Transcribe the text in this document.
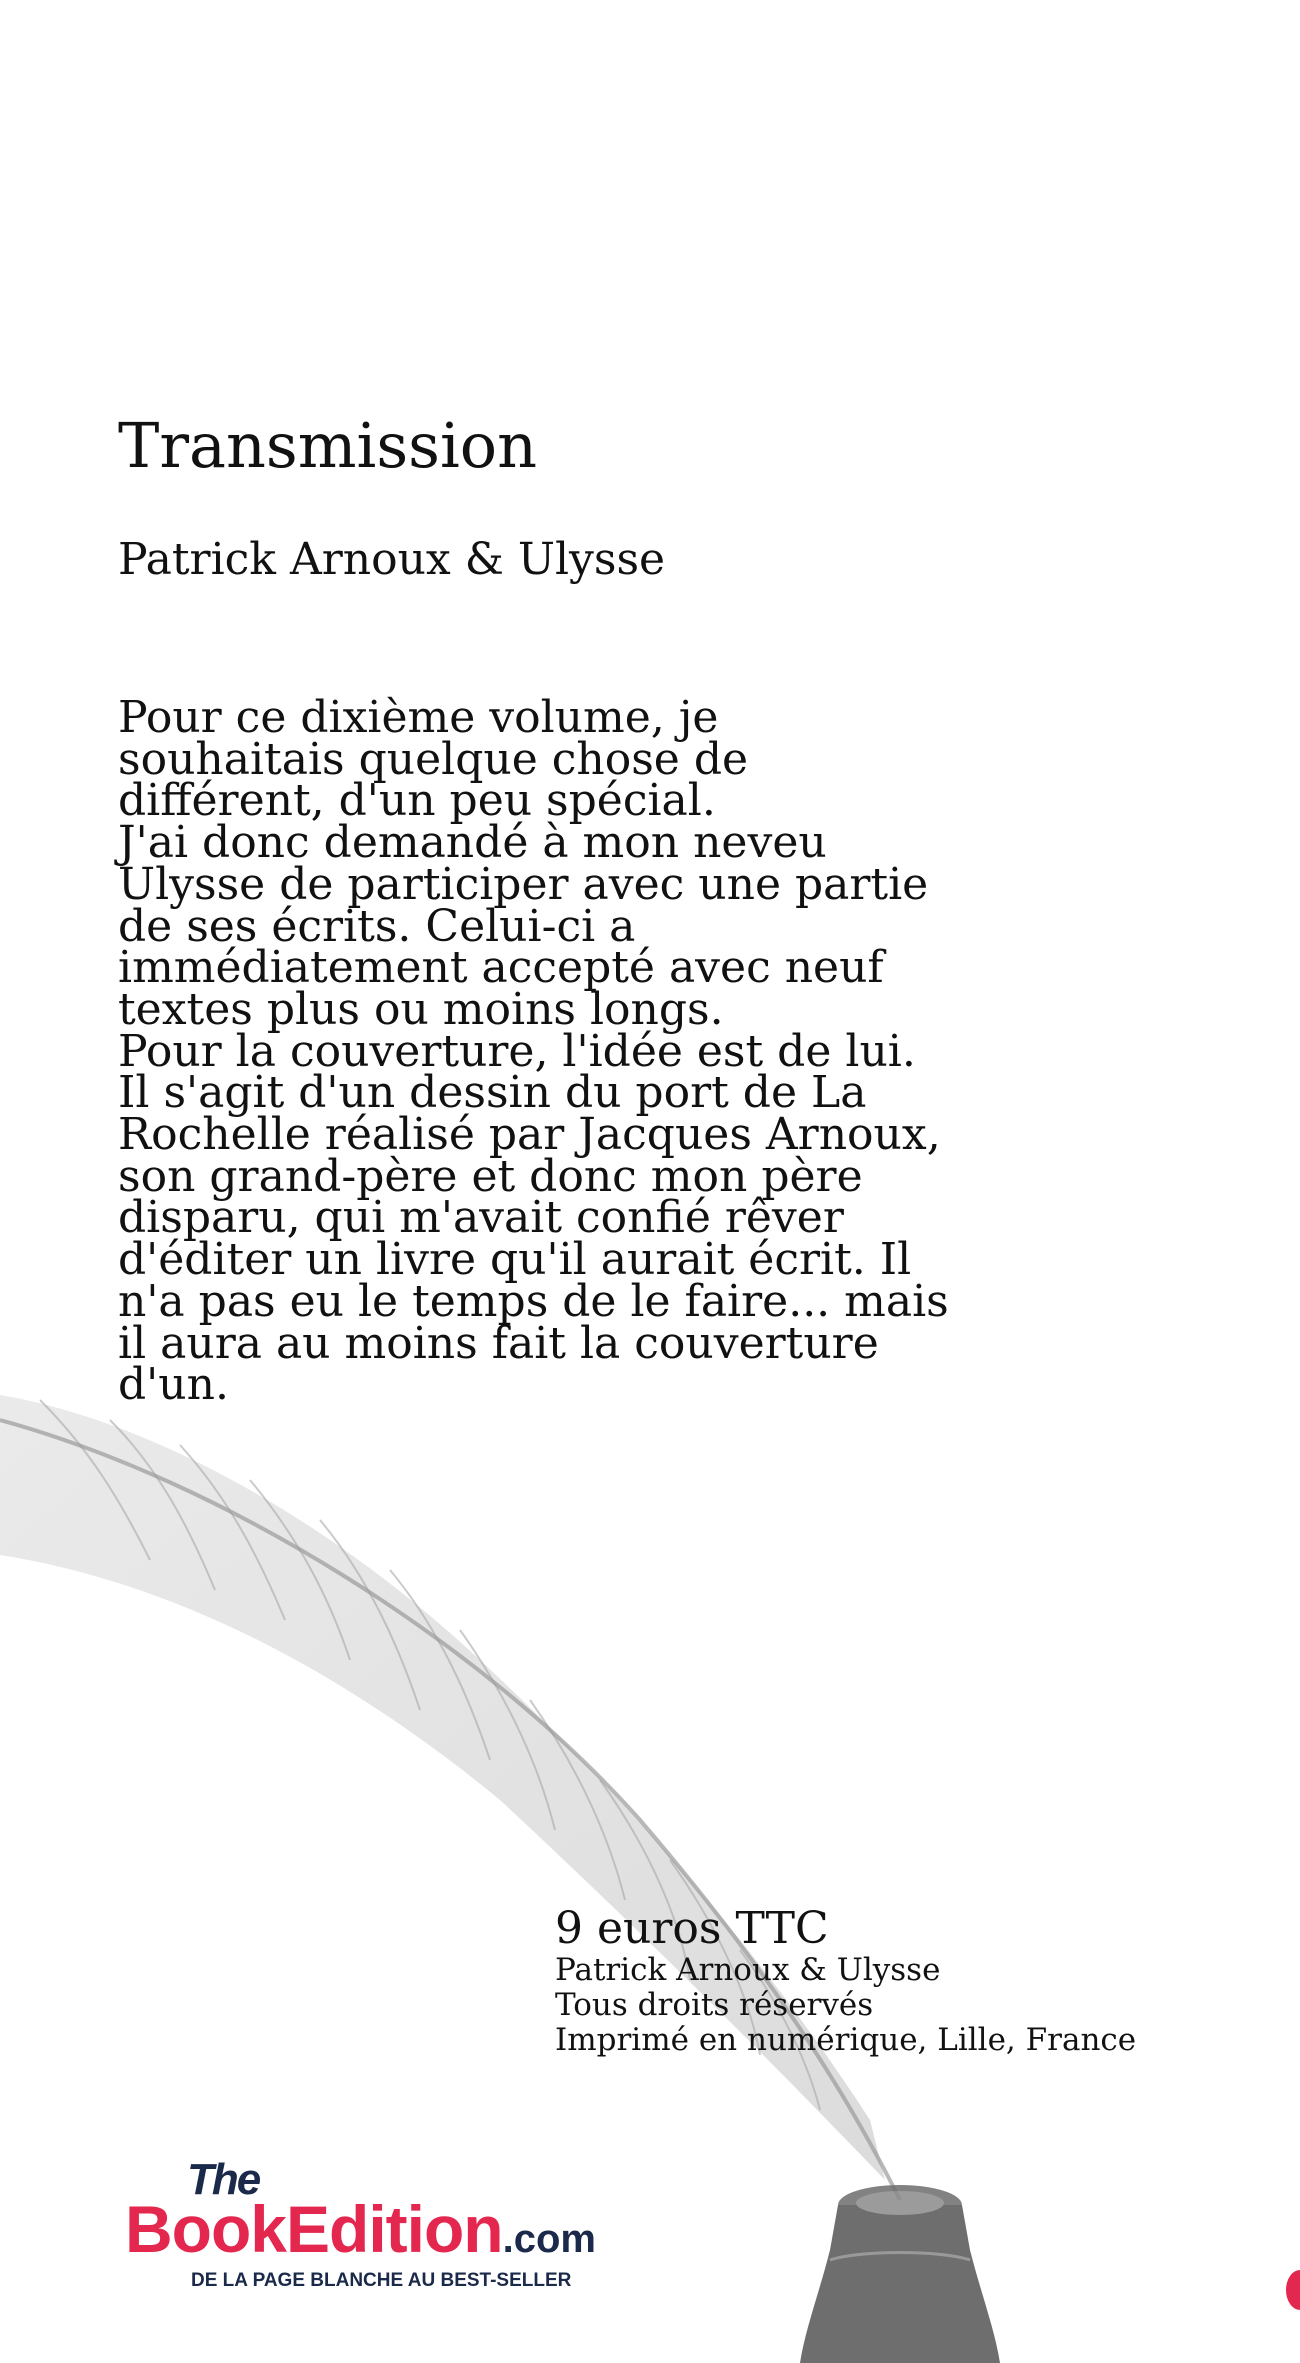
Transmission
Patrick Arnoux & Ulysse

Pour ce dixième volume, je souhaitais quelque chose de différent, d'un peu spécial.

J'ai donc demandé à mon neveu Ulysse de participer avec une partie de ses écrits. Celui-ci a immédiatement accepté avec neuf textes plus ou moins longs.

Pour la couverture, l'idée est de lui. Il s'agit d'un dessin du port de La Rochelle réalisé par Jacques Arnoux, son grand-père et donc mon père disparu, qui m'avait confié rêver d'éditer un livre qu'il aurait écrit. Il n'a pas eu le temps de le faire... mais il aura au moins fait la couverture d'un.

9 euros TTC
Patrick Arnoux & Ulysse
Tous droits réservés
Imprimé en numérique, Lille, France
The
BookEdition.com
DE LA PAGE BLANCHE AU BEST-SELLER
